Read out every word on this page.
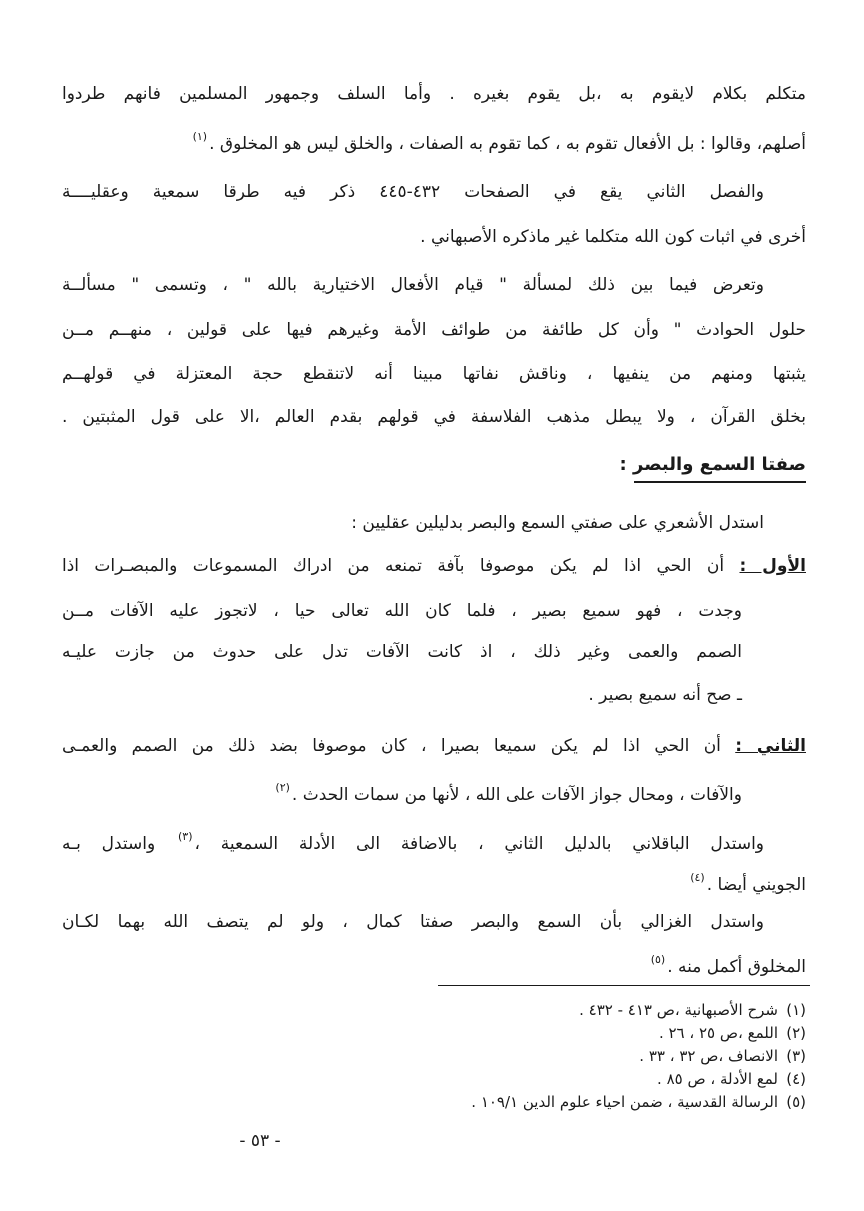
متكلم بكلام لايقوم به ،بل يقوم بغيره . وأما السلف وجمهور المسلمين فانهم طردوا
أصلهم، وقالوا : بل الأفعال تقوم به ، كما تقوم به الصفات ، والخلق ليس هو المخلوق .$^{(١)}$
والفصل الثاني يقع في الصفحات ٤٣٢-٤٤٥ ذكر فيه طرقا سمعية وعقليــــة
أخرى في اثبات كون الله متكلما غير ماذكره الأصبهاني .
وتعرض فيما بين ذلك لمسألة " قيام الأفعال الاختيارية بالله " ، وتسمى " مسألــة
حلول الحوادث " وأن كل طائفة من طوائف الأمة وغيرهم فيها على قولين ، منهــم مــن
يثبتها ومنهم من ينفيها ، وناقش نفاتها مبينا أنه لاتنقطع حجة المعتزلة في قولهــم
بخلق القرآن ، ولا يبطل مذهب الفلاسفة في قولهم بقدم العالم ،الا على قول المثبتين .
صفتا السمع والبصر :
استدل الأشعري على صفتي السمع والبصر بدليلين عقليين :
الأول : أن الحي اذا لم يكن موصوفا بآفة تمنعه من ادراك المسموعات والمبصـرات اذا
وجدت ، فهو سميع بصير ، فلما كان الله تعالى حيا ، لاتجوز عليه الآفات مــن
الصمم والعمى وغير ذلك ، اذ كانت الآفات تدل على حدوث من جازت عليـه
ـ صح أنه سميع بصير .
الثاني : أن الحي اذا لم يكن سميعا بصيرا ، كان موصوفا بضد ذلك من الصمم والعمـى
والآفات ، ومحال جواز الآفات على الله ، لأنها من سمات الحدث .$^{(٢)}$
واستدل الباقلاني بالدليل الثاني ، بالاضافة الى الأدلة السمعية ،$^{(٣)}$ واستدل بـه
الجويني أيضا .$^{(٤)}$
واستدل الغزالي بأن السمع والبصر صفتا كمال ، ولو لم يتصف الله بهما لكـان
المخلوق أكمل منه .$^{(٥)}$
(١)شرح الأصبهانية ،ص ٤١٣ - ٤٣٢ .
(٢)اللمع ،ص ٢٥ ، ٢٦ .
(٣)الانصاف ،ص ٣٢ ، ٣٣ .
(٤)لمع الأدلة ، ص ٨٥ .
(٥)الرسالة القدسية ، ضمن احياء علوم الدين ١٠٩/١ .
- ٥٣ -
